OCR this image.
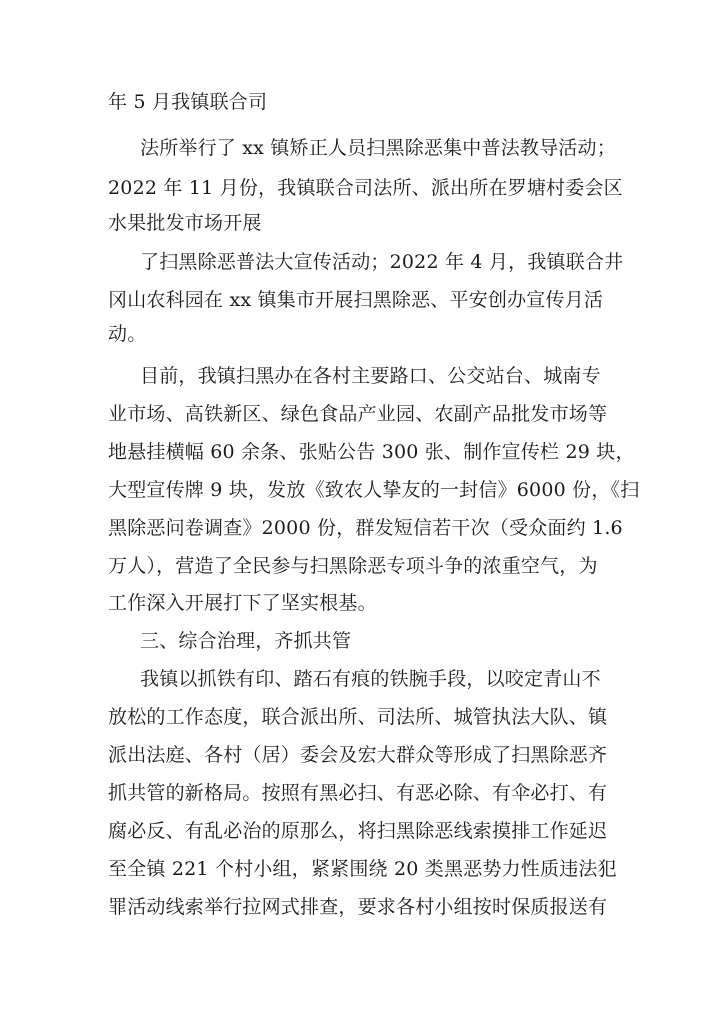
年 5 月我镇联合司
法所举行了 xx 镇矫正人员扫黑除恶集中普法教导活动；
2022 年 11 月份，我镇联合司法所、派出所在罗塘村委会区
水果批发市场开展
了扫黑除恶普法大宣传活动；2022 年 4 月，我镇联合井
冈山农科园在 xx 镇集市开展扫黑除恶、平安创办宣传月活
动。
目前，我镇扫黑办在各村主要路口、公交站台、城南专
业市场、高铁新区、绿色食品产业园、农副产品批发市场等
地悬挂横幅 60 余条、张贴公告 300 张、制作宣传栏 29 块，
大型宣传牌 9 块，发放《致农人挚友的一封信》6000 份，《扫
黑除恶问卷调查》2000 份，群发短信若干次（受众面约 1.6
万人），营造了全民参与扫黑除恶专项斗争的浓重空气，为
工作深入开展打下了坚实根基。
三、综合治理，齐抓共管
我镇以抓铁有印、踏石有痕的铁腕手段，以咬定青山不
放松的工作态度，联合派出所、司法所、城管执法大队、镇
派出法庭、各村（居）委会及宏大群众等形成了扫黑除恶齐
抓共管的新格局。按照有黑必扫、有恶必除、有伞必打、有
腐必反、有乱必治的原那么，将扫黑除恶线索摸排工作延迟
至全镇 221 个村小组，紧紧围绕 20 类黑恶势力性质违法犯
罪活动线索举行拉网式排查，要求各村小组按时保质报送有
